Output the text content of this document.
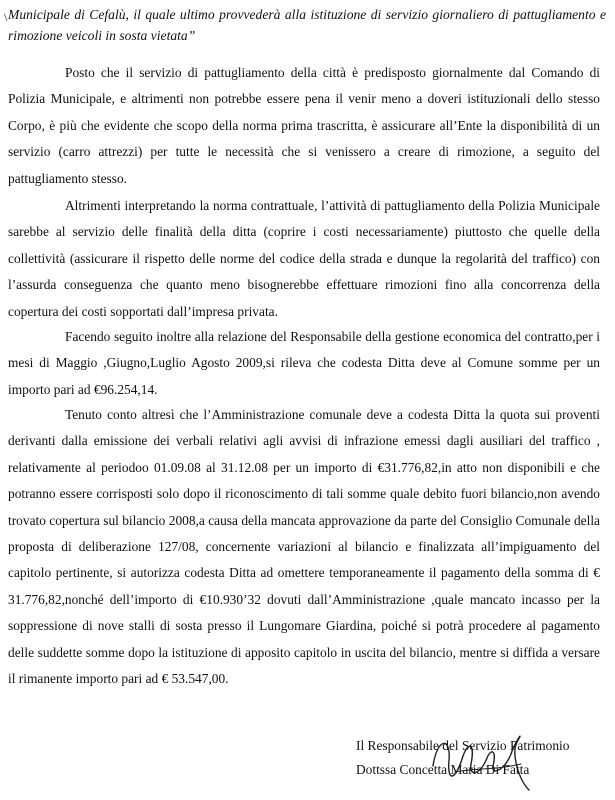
\ Municipale di Cefalù, il quale ultimo provvederà alla istituzione di servizio giornaliero di pattugliamento e rimozione veicoli in sosta vietata”

Posto che il servizio di pattugliamento della città è predisposto giornalmente dal Comando di Polizia Municipale, e altrimenti non potrebbe essere pena il venir meno a doveri istituzionali dello stesso Corpo, è più che evidente che scopo della norma prima trascritta, è assicurare all’Ente la disponibilità di un servizio (carro attrezzi) per tutte le necessità che si venissero a creare di rimozione, a seguito del pattugliamento stesso.

Altrimenti interpretando la norma contrattuale, l’attività di pattugliamento della Polizia Municipale sarebbe al servizio delle finalità della ditta (coprire i costi necessariamente) piuttosto che quelle della collettività (assicurare il rispetto delle norme del codice della strada e dunque la regolarità del traffico) con l’assurda conseguenza che quanto meno bisognerebbe effettuare rimozioni fino alla concorrenza della copertura dei costi sopportati dall’impresa privata.

Facendo seguito inoltre alla relazione del Responsabile della gestione economica del contratto,per i mesi di Maggio ,Giugno,Luglio Agosto 2009,si rileva che codesta Ditta deve al Comune somme per un importo pari ad €96.254,14.

Tenuto conto altresì che l’Amministrazione comunale deve a codesta Ditta la quota sui proventi derivanti dalla emissione dei verbali relativi agli avvisi di infrazione emessi dagli ausiliari del traffico , relativamente al periodoo 01.09.08 al 31.12.08 per un importo di €31.776,82,in atto non disponibili e che potranno essere corrisposti solo dopo il riconoscimento di tali somme quale debito fuori bilancio,non avendo trovato copertura sul bilancio 2008,a causa della mancata approvazione da parte del Consiglio Comunale della proposta di deliberazione 127/08, concernente variazioni al bilancio e finalizzata all’impiguamento del capitolo pertinente, si autorizza codesta Ditta ad omettere temporaneamente il pagamento della somma di € 31.776,82,nonché dell’importo di €10.930’32 dovuti dall’Amministrazione ,quale mancato incasso per la soppressione di nove stalli di sosta presso il Lungomare Giardina, poiché si potrà procedere al pagamento delle suddette somme dopo la istituzione di apposito capitolo in uscita del bilancio, mentre si diffida a versare il rimanente importo pari ad € 53.547,00.

Il Responsabile del Servizio Patrimonio
Dottssa Concetta Maria Di Fatta
